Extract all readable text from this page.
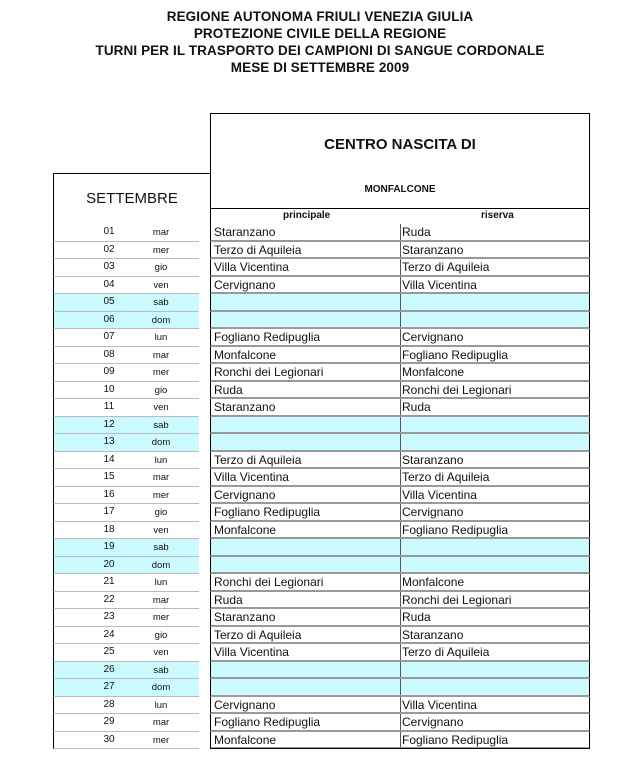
REGIONE AUTONOMA FRIULI VENEZIA GIULIA
PROTEZIONE CIVILE DELLA REGIONE
TURNI PER IL TRASPORTO DEI CAMPIONI DI SANGUE CORDONALE
MESE DI SETTEMBRE 2009
CENTRO NASCITA DI
MONFALCONE
SETTEMBRE
principale	riserva
01	mar	Staranzano	Ruda
02	mer	Terzo di Aquileia	Staranzano
03	gio	Villa Vicentina	Terzo di Aquileia
04	ven	Cervignano	Villa Vicentina
05	sab
06	dom
07	lun	Fogliano Redipuglia	Cervignano
08	mar	Monfalcone	Fogliano Redipuglia
09	mer	Ronchi dei Legionari	Monfalcone
10	gio	Ruda	Ronchi dei Legionari
11	ven	Staranzano	Ruda
12	sab
13	dom
14	lun	Terzo di Aquileia	Staranzano
15	mar	Villa Vicentina	Terzo di Aquileia
16	mer	Cervignano	Villa Vicentina
17	gio	Fogliano Redipuglia	Cervignano
18	ven	Monfalcone	Fogliano Redipuglia
19	sab
20	dom
21	lun	Ronchi dei Legionari	Monfalcone
22	mar	Ruda	Ronchi dei Legionari
23	mer	Staranzano	Ruda
24	gio	Terzo di Aquileia	Staranzano
25	ven	Villa Vicentina	Terzo di Aquileia
26	sab
27	dom
28	lun	Cervignano	Villa Vicentina
29	mar	Fogliano Redipuglia	Cervignano
30	mer	Monfalcone	Fogliano Redipuglia
